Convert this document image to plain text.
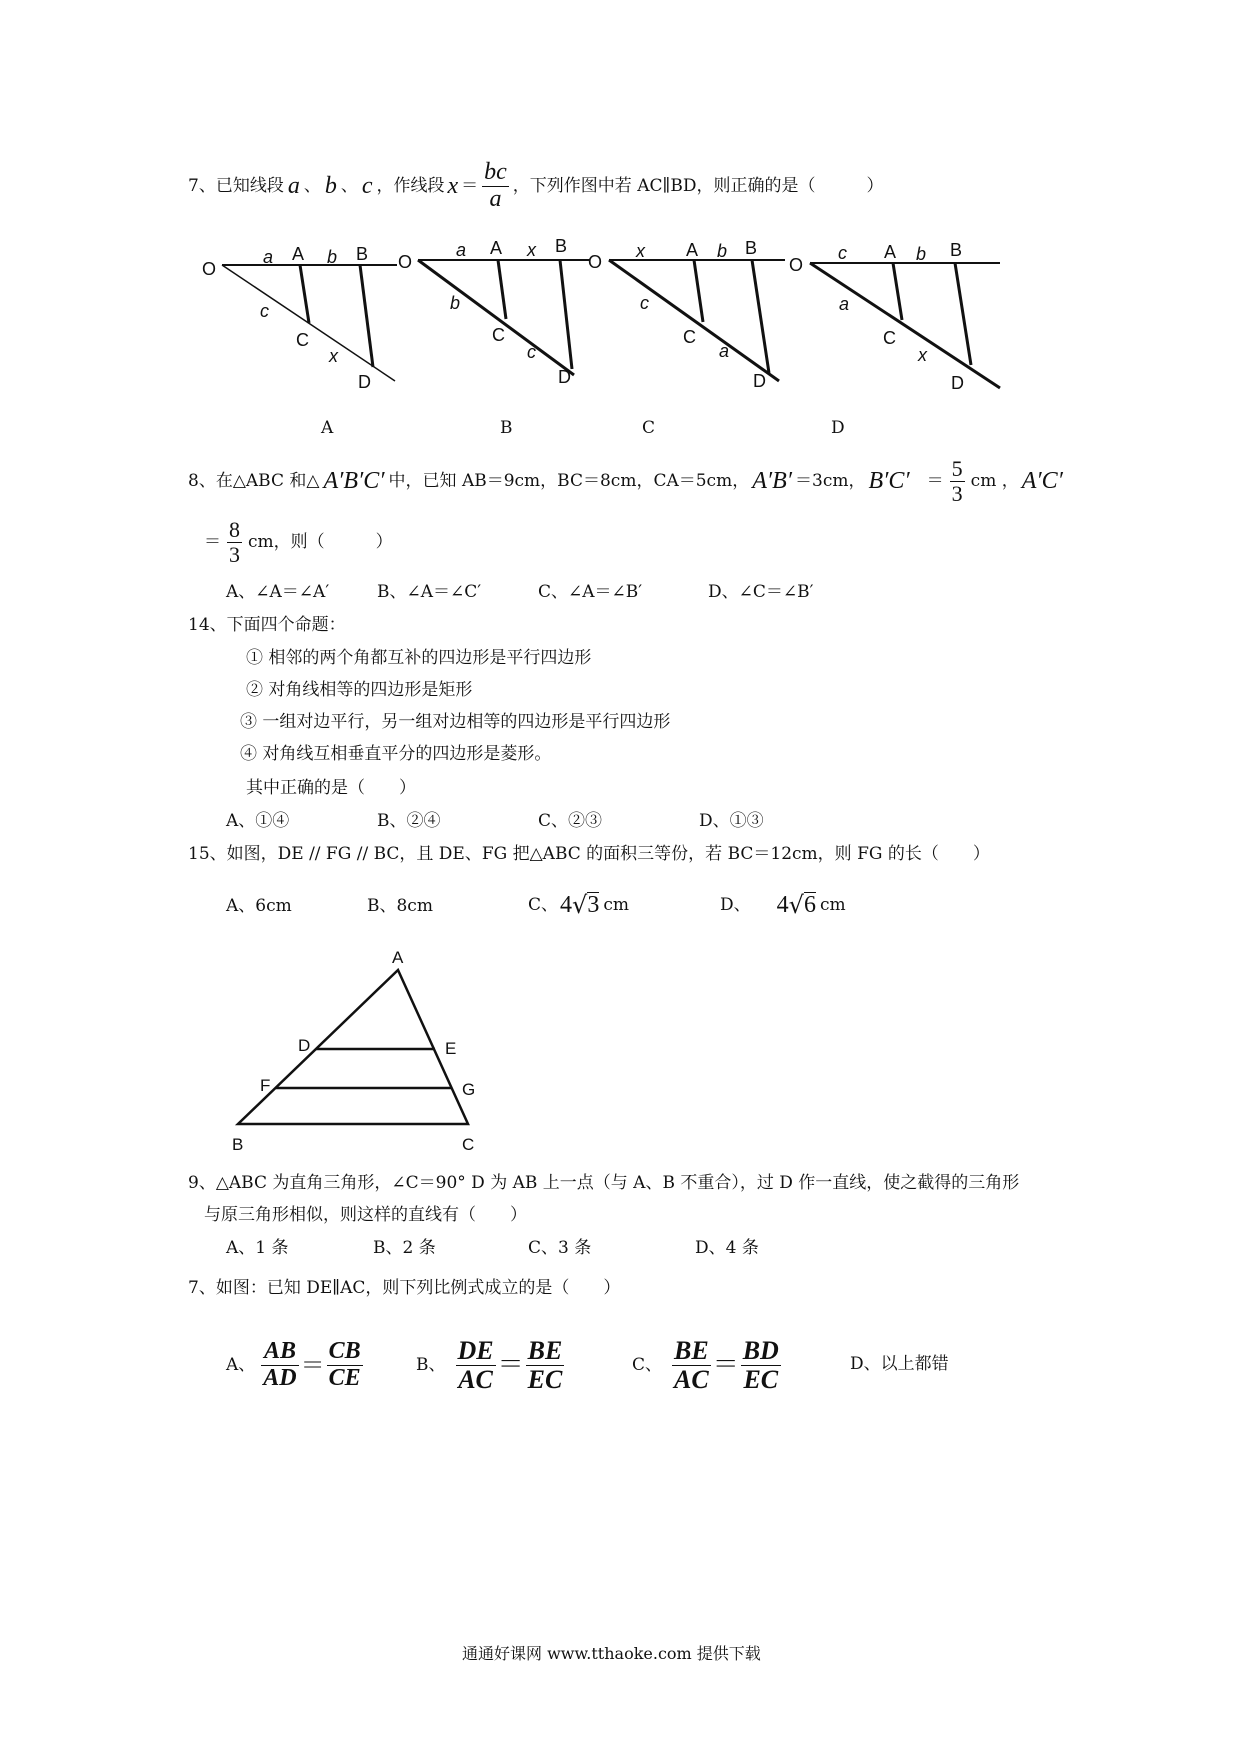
7、已知线段 a 、 b 、 c ，作线段 $x = \frac{bc}{a}$ ，下列作图中若 AC∥BD，则正确的是（　　　）
O
a A b B
c
C
x
D
O
a A x B
b
C
c
D
O
x A b B
c
C
a
D
O
c A b B
a
C
x
D
A	B	C	D
8、在△ABC 和△ A′B′C′ 中，已知 AB＝9cm，BC＝8cm，CA＝5cm， A′B′ ＝3cm， $B'C' = \frac{5}{3}$ cm ， A′C′
＝ $\frac{8}{3}$ cm，则（　　　）
A、∠A＝∠A′	B、∠A＝∠C′	C、∠A＝∠B′	D、∠C＝∠B′
14、下面四个命题：
① 相邻的两个角都互补的四边形是平行四边形
② 对角线相等的四边形是矩形
③ 一组对边平行，另一组对边相等的四边形是平行四边形
④ 对角线互相垂直平分的四边形是菱形。
其中正确的是（　　）
A、①④	B、②④	C、②③	D、①③
15、如图，DE // FG // BC，且 DE、FG 把△ABC 的面积三等份，若 BC＝12cm，则 FG 的长（　　）
A、6cm	B、8cm	C、 4 √ 3 cm	D、 4 √ 6 cm
A
D	E
F	G
B	C
9、△ABC 为直角三角形，∠C＝90° D 为 AB 上一点（与 A、B 不重合），过 D 作一直线，使之截得的三角形
与原三角形相似，则这样的直线有（　　）
A、1 条	B、2 条	C、3 条	D、4 条
7、如图：已知 DE∥AC，则下列比例式成立的是（　　）
A、 $\frac{AB}{AD} = \frac{CB}{CE}$	B、 $\frac{DE}{AC} = \frac{BE}{EC}$	C、 $\frac{BE}{AC} = \frac{BD}{EC}$	D、以上都错
通通好课网 www.tthaoke.com 提供下载
